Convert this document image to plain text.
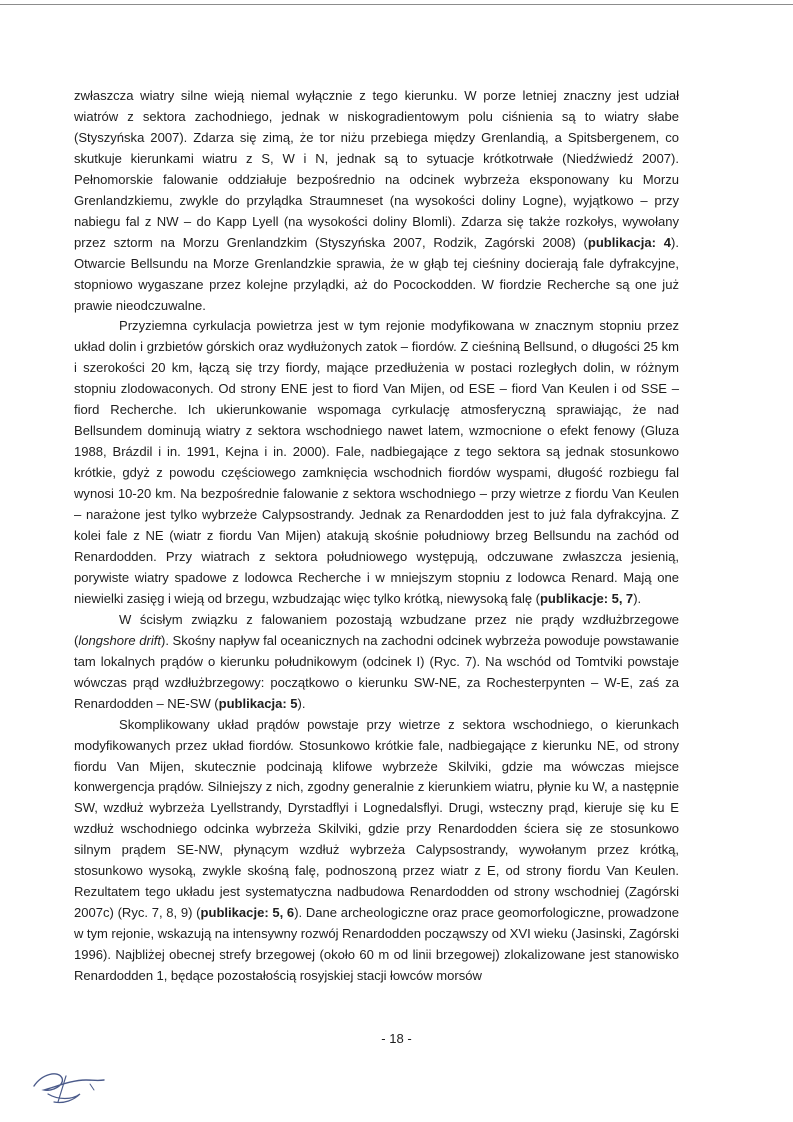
zwłaszcza wiatry silne wieją niemal wyłącznie z tego kierunku. W porze letniej znaczny jest udział wiatrów z sektora zachodniego, jednak w niskogradientowym polu ciśnienia są to wiatry słabe (Styszyńska 2007). Zdarza się zimą, że tor niżu przebiega między Grenlandią, a Spitsbergenem, co skutkuje kierunkami wiatru z S, W i N, jednak są to sytuacje krótkotrwałe (Niedźwiedź 2007). Pełnomorskie falowanie oddziałuje bezpośrednio na odcinek wybrzeża eksponowany ku Morzu Grenlandzkiemu, zwykle do przylądka Straumneset (na wysokości doliny Logne), wyjątkowo – przy nabiegu fal z NW – do Kapp Lyell (na wysokości doliny Blomli). Zdarza się także rozkołys, wywołany przez sztorm na Morzu Grenlandzkim (Styszyńska 2007, Rodzik, Zagórski 2008) (publikacja: 4). Otwarcie Bellsundu na Morze Grenlandzkie sprawia, że w głąb tej cieśniny docierają fale dyfrakcyjne, stopniowo wygaszane przez kolejne przylądki, aż do Pocockodden. W fiordzie Recherche są one już prawie nieodczuwalne.

Przyziemna cyrkulacja powietrza jest w tym rejonie modyfikowana w znacznym stopniu przez układ dolin i grzbietów górskich oraz wydłużonych zatok – fiordów. Z cieśniną Bellsund, o długości 25 km i szerokości 20 km, łączą się trzy fiordy, mające przedłużenia w postaci rozległych dolin, w różnym stopniu zlodowaconych. Od strony ENE jest to fiord Van Mijen, od ESE – fiord Van Keulen i od SSE – fiord Recherche. Ich ukierunkowanie wspomaga cyrkulację atmosferyczną sprawiając, że nad Bellsundem dominują wiatry z sektora wschodniego nawet latem, wzmocnione o efekt fenowy (Gluza 1988, Brázdil i in. 1991, Kejna i in. 2000). Fale, nadbiegające z tego sektora są jednak stosunkowo krótkie, gdyż z powodu częściowego zamknięcia wschodnich fiordów wyspami, długość rozbiegu fal wynosi 10-20 km. Na bezpośrednie falowanie z sektora wschodniego – przy wietrze z fiordu Van Keulen – narażone jest tylko wybrzeże Calypsostrandy. Jednak za Renardodden jest to już fala dyfrakcyjna. Z kolei fale z NE (wiatr z fiordu Van Mijen) atakują skośnie południowy brzeg Bellsundu na zachód od Renardodden. Przy wiatrach z sektora południowego występują, odczuwane zwłaszcza jesienią, porywiste wiatry spadowe z lodowca Recherche i w mniejszym stopniu z lodowca Renard. Mają one niewielki zasięg i wieją od brzegu, wzbudzając więc tylko krótką, niewysoką falę (publikacje: 5, 7).

W ścisłym związku z falowaniem pozostają wzbudzane przez nie prądy wzdłużbrzegowe (longshore drift). Skośny napływ fal oceanicznych na zachodni odcinek wybrzeża powoduje powstawanie tam lokalnych prądów o kierunku południkowym (odcinek I) (Ryc. 7). Na wschód od Tomtviki powstaje wówczas prąd wzdłużbrzegowy: początkowo o kierunku SW-NE, za Rochesterpynten – W-E, zaś za Renardodden – NE-SW (publikacja: 5).

Skomplikowany układ prądów powstaje przy wietrze z sektora wschodniego, o kierunkach modyfikowanych przez układ fiordów. Stosunkowo krótkie fale, nadbiegające z kierunku NE, od strony fiordu Van Mijen, skutecznie podcinają klifowe wybrzeże Skilviki, gdzie ma wówczas miejsce konwergencja prądów. Silniejszy z nich, zgodny generalnie z kierunkiem wiatru, płynie ku W, a następnie SW, wzdłuż wybrzeża Lyellstrandy, Dyrstadflyi i Lognedalsflyi. Drugi, wsteczny prąd, kieruje się ku E wzdłuż wschodniego odcinka wybrzeża Skilviki, gdzie przy Renardodden ściera się ze stosunkowo silnym prądem SE-NW, płynącym wzdłuż wybrzeża Calypsostrandy, wywołanym przez krótką, stosunkowo wysoką, zwykle skośną falę, podnoszoną przez wiatr z E, od strony fiordu Van Keulen. Rezultatem tego układu jest systematyczna nadbudowa Renardodden od strony wschodniej (Zagórski 2007c) (Ryc. 7, 8, 9) (publikacje: 5, 6). Dane archeologiczne oraz prace geomorfologiczne, prowadzone w tym rejonie, wskazują na intensywny rozwój Renardodden począwszy od XVI wieku (Jasinski, Zagórski 1996). Najbliżej obecnej strefy brzegowej (około 60 m od linii brzegowej) zlokalizowane jest stanowisko Renardodden 1, będące pozostałością rosyjskiej stacji łowców morsów

- 18 -
